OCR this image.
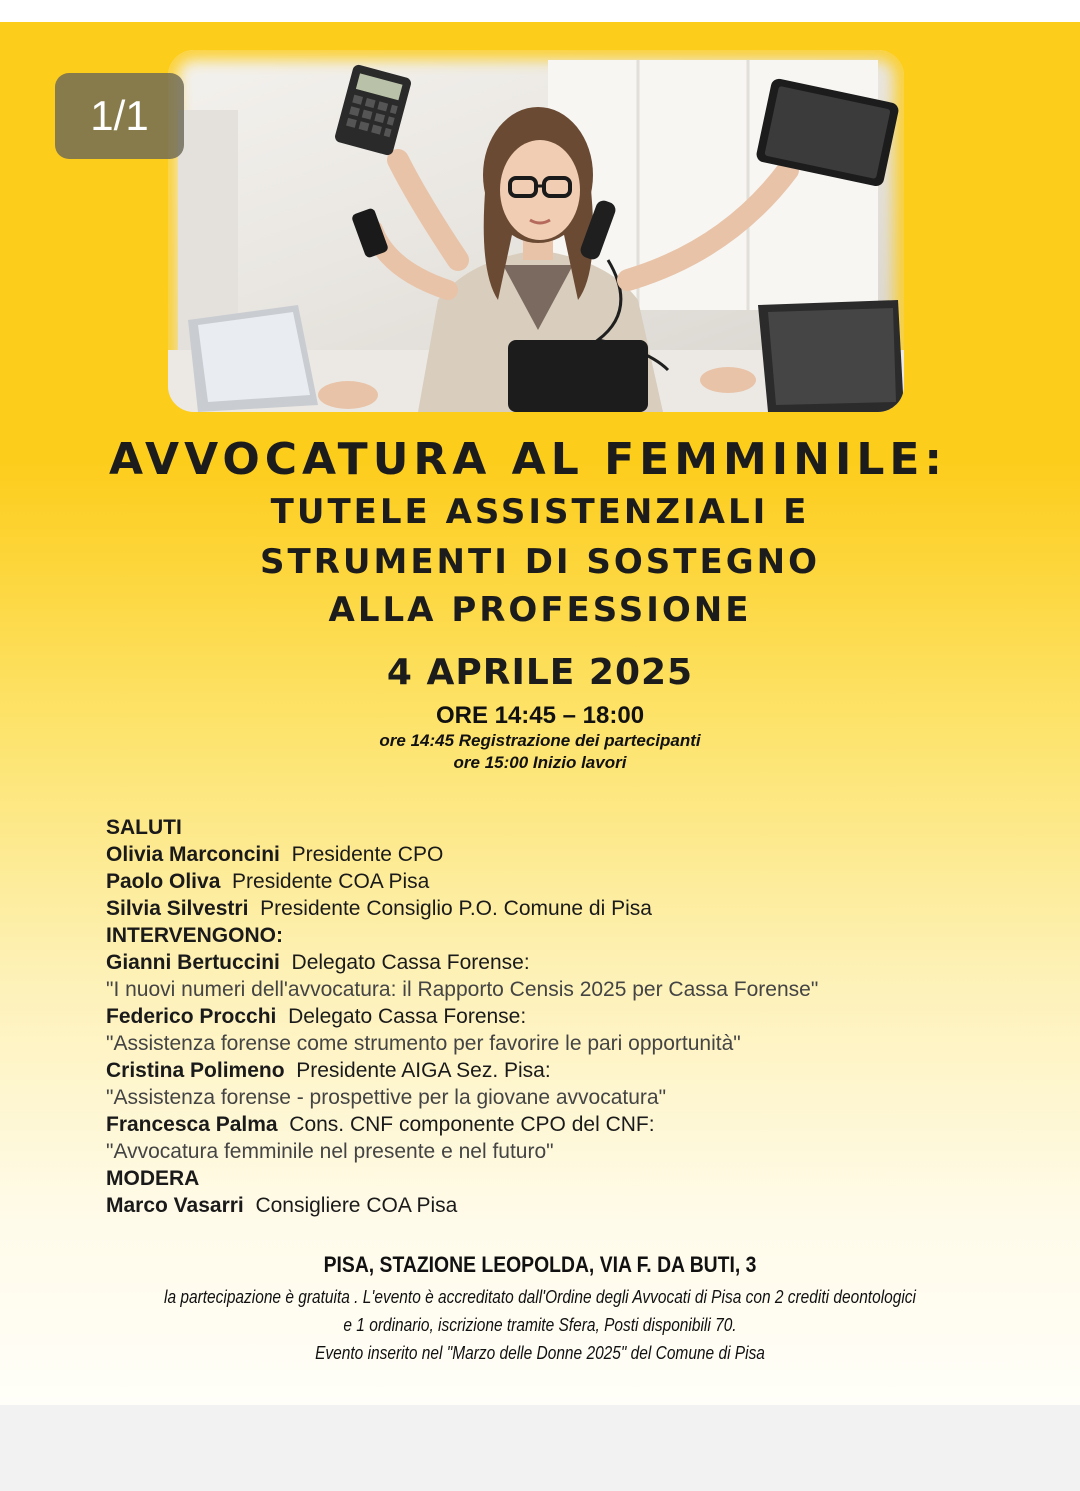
AVVOCATURA AL FEMMINILE:
TUTELE ASSISTENZIALI E
STRUMENTI DI SOSTEGNO
ALLA PROFESSIONE
4 APRILE 2025
ORE 14:45 – 18:00
ore 14:45 Registrazione dei partecipanti
ore 15:00 Inizio lavori
SALUTI
Olivia Marconcini Presidente CPO
Paolo Oliva Presidente COA Pisa
Silvia Silvestri Presidente Consiglio P.O. Comune di Pisa
INTERVENGONO:
Gianni Bertuccini Delegato Cassa Forense:
"I nuovi numeri dell'avvocatura: il Rapporto Censis 2025 per Cassa Forense"
Federico Procchi Delegato Cassa Forense:
"Assistenza forense come strumento per favorire le pari opportunità"
Cristina Polimeno Presidente AIGA Sez. Pisa:
"Assistenza forense - prospettive per la giovane avvocatura"
Francesca Palma Cons. CNF componente CPO del CNF:
"Avvocatura femminile nel presente e nel futuro"
MODERA
Marco Vasarri Consigliere COA Pisa
PISA, STAZIONE LEOPOLDA, VIA F. DA BUTI, 3
la partecipazione è gratuita . L'evento è accreditato dall'Ordine degli Avvocati di Pisa con 2 crediti deontologici
e 1 ordinario, iscrizione tramite Sfera, Posti disponibili 70.
Evento inserito nel "Marzo delle Donne 2025" del Comune di Pisa
1/1
